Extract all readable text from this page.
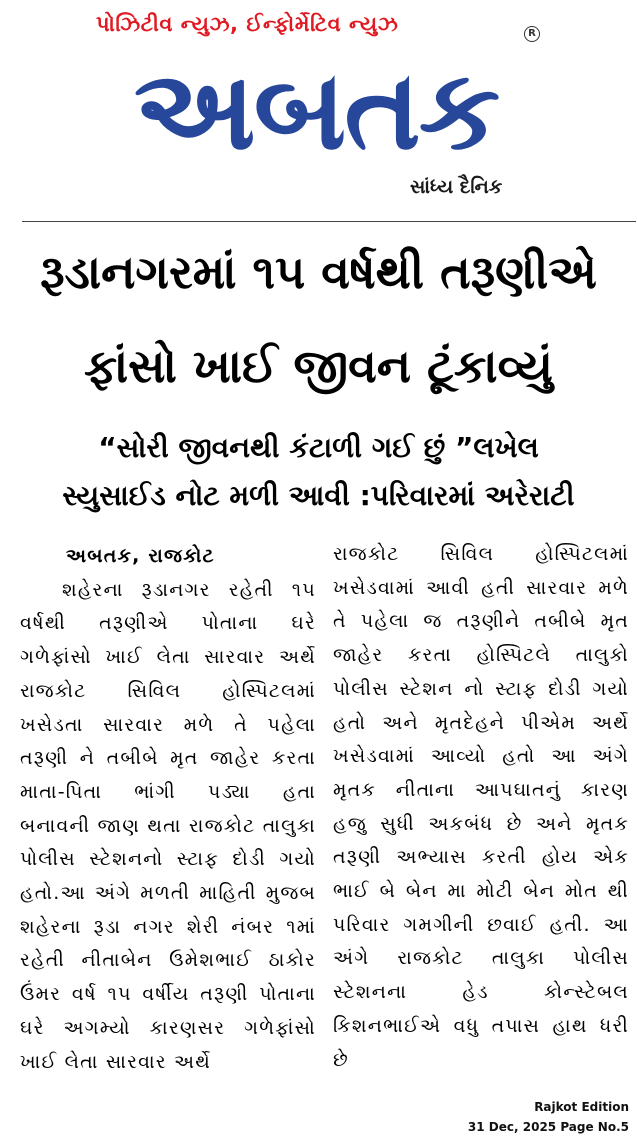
પોઝિટીવ ન્યુઝ, ઈન્ફોર્મેટિવ ન્યુઝ	R
અબતક
સાંધ્ય દૈનિક
રૂડાનગરમાં ૧૫ વર્ષથી તરૂણીએ
ફાંસો ખાઈ જીવન ટૂંકાવ્યું
“સોરી જીવનથી કંટાળી ગઈ છું ”લખેલ
સ્યુસાઈડ નોટ મળી આવી :પરિવારમાં અરેરાટી

અબતક, રાજકોટ

શહેરના રૂડાનગર રહેતી ૧૫ વર્ષથી તરૂણીએ પોતાના ઘરે ગળેફાંસો ખાઈ લેતા સારવાર અર્થે રાજકોટ સિવિલ હોસ્પિટલમાં ખસેડતા સારવાર મળે તે પહેલા તરૂણી ને તબીબે મૃત જાહેર કરતા માતા-પિતા ભાંગી પડ્યા હતા બનાવની જાણ થતા રાજકોટ તાલુકા પોલીસ સ્ટેશનનો સ્ટાફ દોડી ગયો હતો.આ અંગે મળતી માહિતી મુજબ શહેરના રૂડા નગર શેરી નંબર ૧માં રહેતી નીતાબેન ઉમેશભાઈ ઠાકોર ઉંમર વર્ષ ૧૫ વર્ષીય તરૂણી પોતાના ઘરે અગમ્યો કારણસર ગળેફાંસો ખાઈ લેતા સારવાર અર્થે

રાજકોટ સિવિલ હોસ્પિટલમાં ખસેડવામાં આવી હતી સારવાર મળે તે પહેલા જ તરૂણીને તબીબે મૃત જાહેર કરતા હોસ્પિટલે તાલુકો પોલીસ સ્ટેશન નો સ્ટાફ દોડી ગયો હતો અને મૃતદેહને પીએમ અર્થે ખસેડવામાં આવ્યો હતો આ અંગે મૃતક નીતાના આપઘાતનું કારણ હજુ સુધી અકબંધ છે અને મૃતક તરૂણી અભ્યાસ કરતી હોય એક ભાઈ બે બેન મા મોટી બેન મોત થી પરિવાર ગમગીની છવાઈ હતી. આ અંગે રાજકોટ તાલુકા પોલીસ સ્ટેશનના હેડ કોન્સ્ટેબલ કિશનભાઈએ વધુ તપાસ હાથ ધરી છે

Rajkot Edition
31 Dec, 2025 Page No.5
